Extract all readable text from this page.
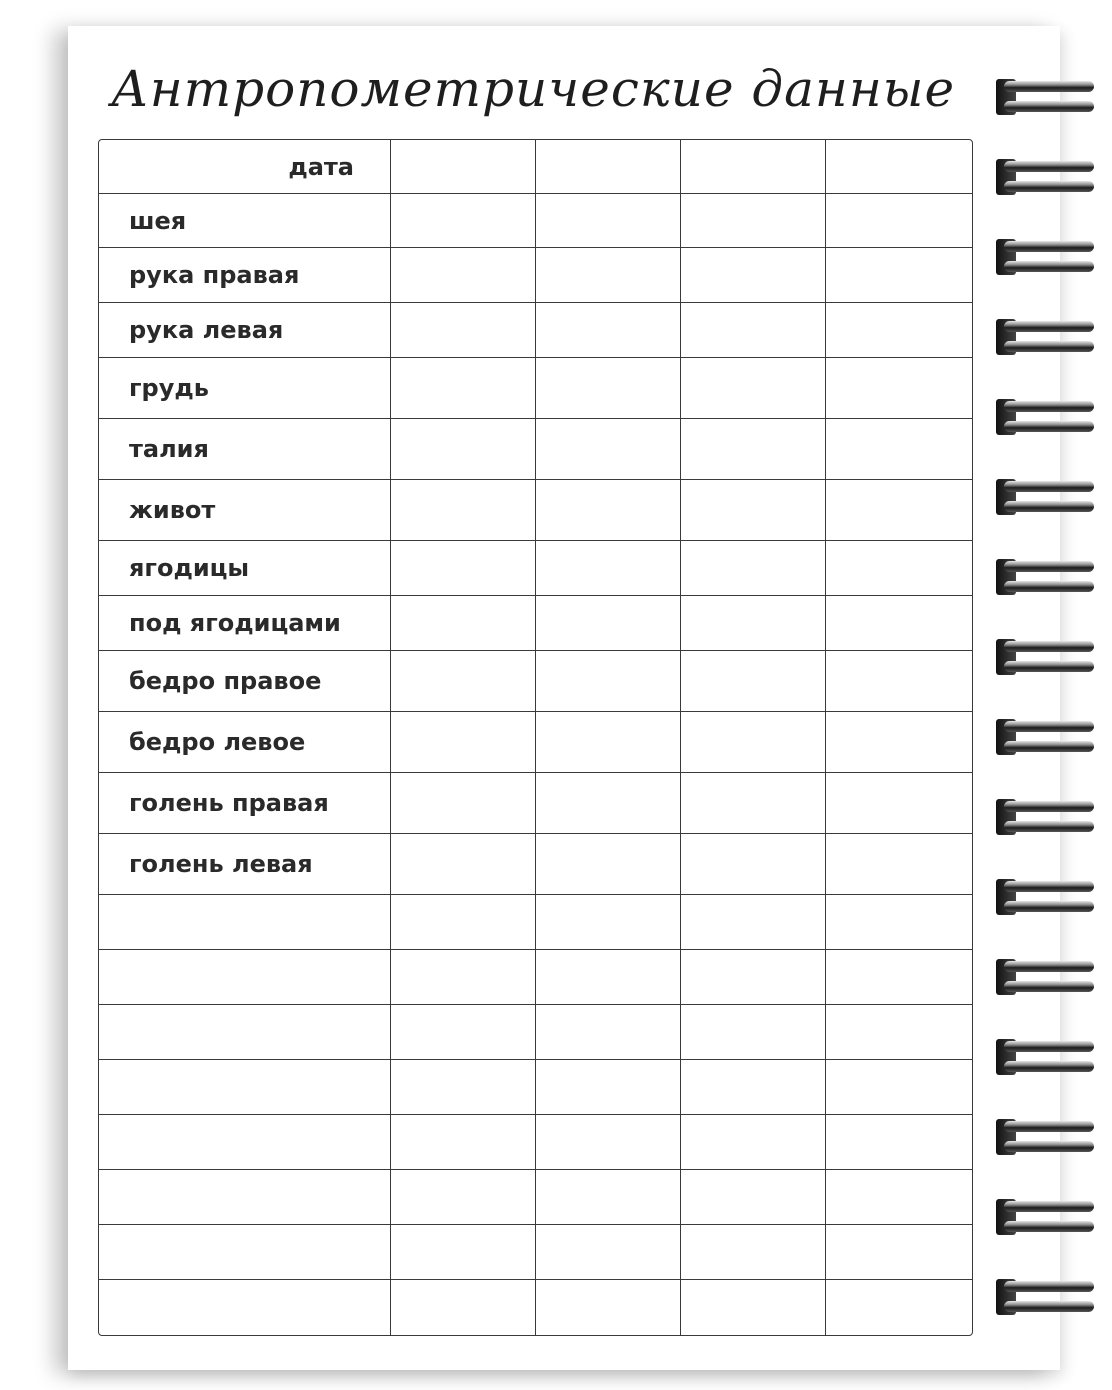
Антропометрические данные
дата				
шея				
рука правая				
рука левая				
грудь				
талия				
живот				
ягодицы				
под ягодицами				
бедро правое				
бедро левое				
голень правая				
голень левая				
